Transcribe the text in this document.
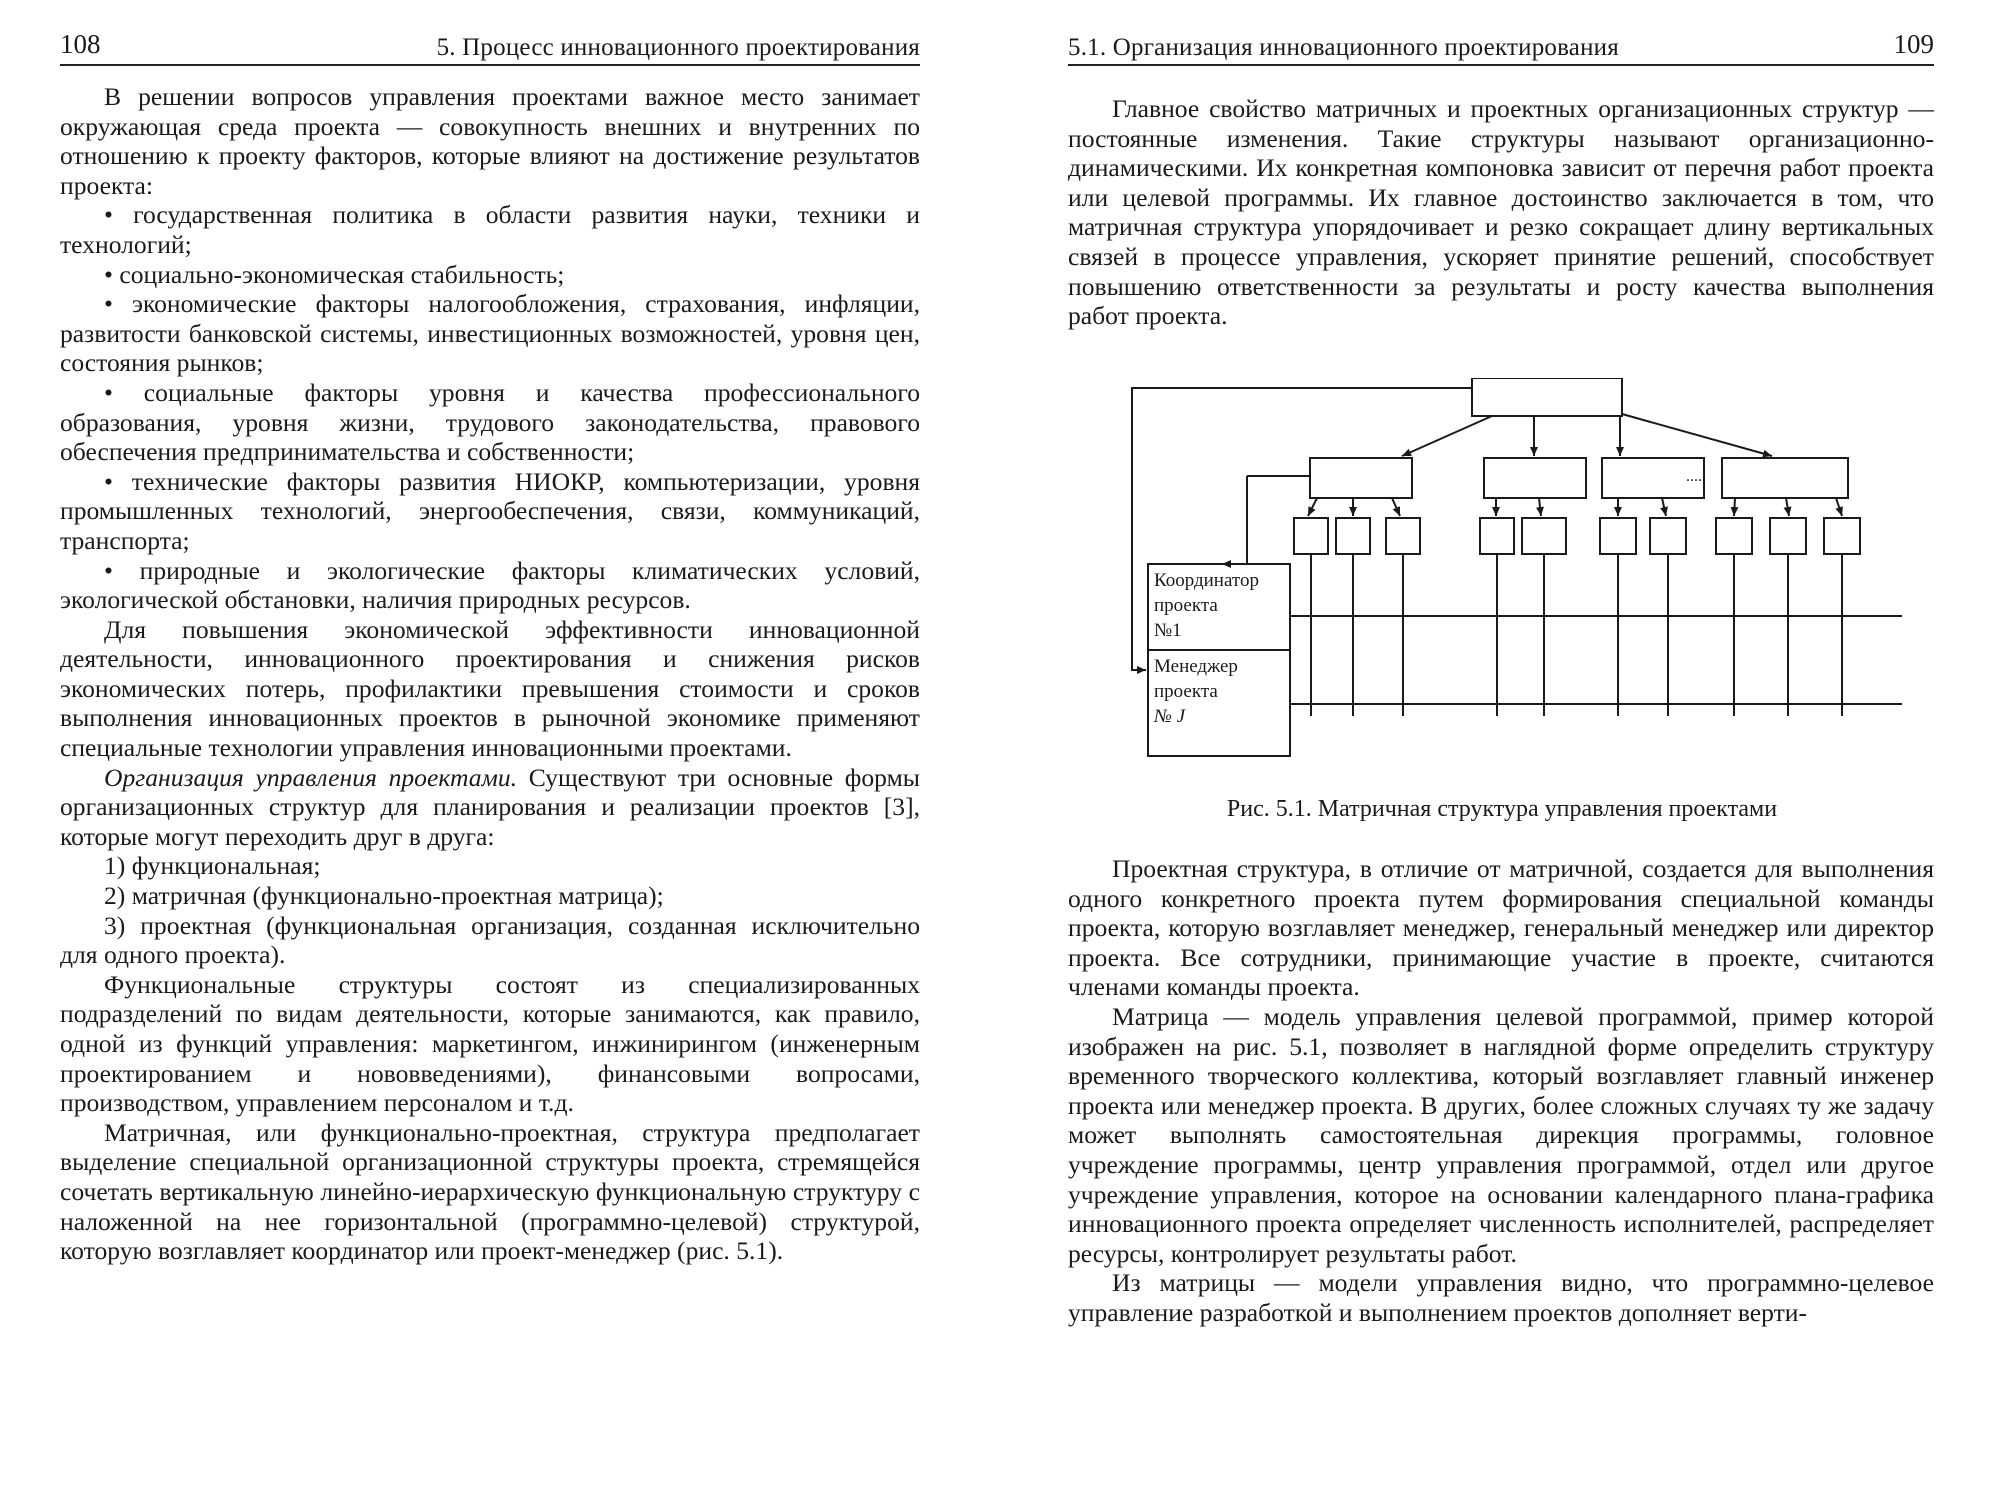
108	5. Процесс инновационного проектирования

В решении вопросов управления проектами важное место занимает окружающая среда проекта — совокупность внешних и внутренних по отношению к проекту факторов, которые влияют на достижение результатов проекта:

• государственная политика в области развития науки, техники и технологий;

• социально-экономическая стабильность;

• экономические факторы налогообложения, страхования, инфляции, развитости банковской системы, инвестиционных возможностей, уровня цен, состояния рынков;

• социальные факторы уровня и качества профессионального образования, уровня жизни, трудового законодательства, правового обеспечения предпринимательства и собственности;

• технические факторы развития НИОКР, компьютеризации, уровня промышленных технологий, энергообеспечения, связи, коммуникаций, транспорта;

• природные и экологические факторы климатических условий, экологической обстановки, наличия природных ресурсов.

Для повышения экономической эффективности инновационной деятельности, инновационного проектирования и снижения рисков экономических потерь, профилактики превышения стоимости и сроков выполнения инновационных проектов в рыночной экономике применяют специальные технологии управления инновационными проектами.

Организация управления проектами. Существуют три основные формы организационных структур для планирования и реализации проектов [3], которые могут переходить друг в друга:

1) функциональная;

2) матричная (функционально-проектная матрица);

3) проектная (функциональная организация, созданная исключительно для одного проекта).

Функциональные структуры состоят из специализированных подразделений по видам деятельности, которые занимаются, как правило, одной из функций управления: маркетингом, инжинирингом (инженерным проектированием и нововведениями), финансовыми вопросами, производством, управлением персоналом и т.д.

Матричная, или функционально-проектная, структура предполагает выделение специальной организационной структуры проекта, стремящейся сочетать вертикальную линейно-иерархическую функциональную структуру с наложенной на нее горизонтальной (программно-целевой) структурой, которую возглавляет координатор или проект-менеджер (рис. 5.1).

5.1. Организация инновационного проектирования	109

Главное свойство матричных и проектных организационных структур — постоянные изменения. Такие структуры называют организационно-динамическими. Их конкретная компоновка зависит от перечня работ проекта или целевой программы. Их главное достоинство заключается в том, что матричная структура упорядочивает и резко сокращает длину вертикальных связей в процессе управления, ускоряет принятие решений, способствует повышению ответственности за результаты и росту качества выполнения работ проекта.

Проектная структура, в отличие от матричной, создается для выполнения одного конкретного проекта путем формирования специальной команды проекта, которую возглавляет менеджер, генеральный менеджер или директор проекта. Все сотрудники, принимающие участие в проекте, считаются членами команды проекта.

Матрица — модель управления целевой программой, пример которой изображен на рис. 5.1, позволяет в наглядной форме определить структуру временного творческого коллектива, который возглавляет главный инженер проекта или менеджер проекта. В других, более сложных случаях ту же задачу может выполнять самостоятельная дирекция программы, головное учреждение программы, центр управления программой, отдел или другое учреждение управления, которое на основании календарного плана-графика инновационного проекта определяет численность исполнителей, распределяет ресурсы, контролирует результаты работ.

Из матрицы — модели управления видно, что программно-целевое управление разработкой и выполнением проектов дополняет верти-

....
Координатор
проекта
№1
Менеджер
проекта
№ J
Рис. 5.1. Матричная структура управления проектами
